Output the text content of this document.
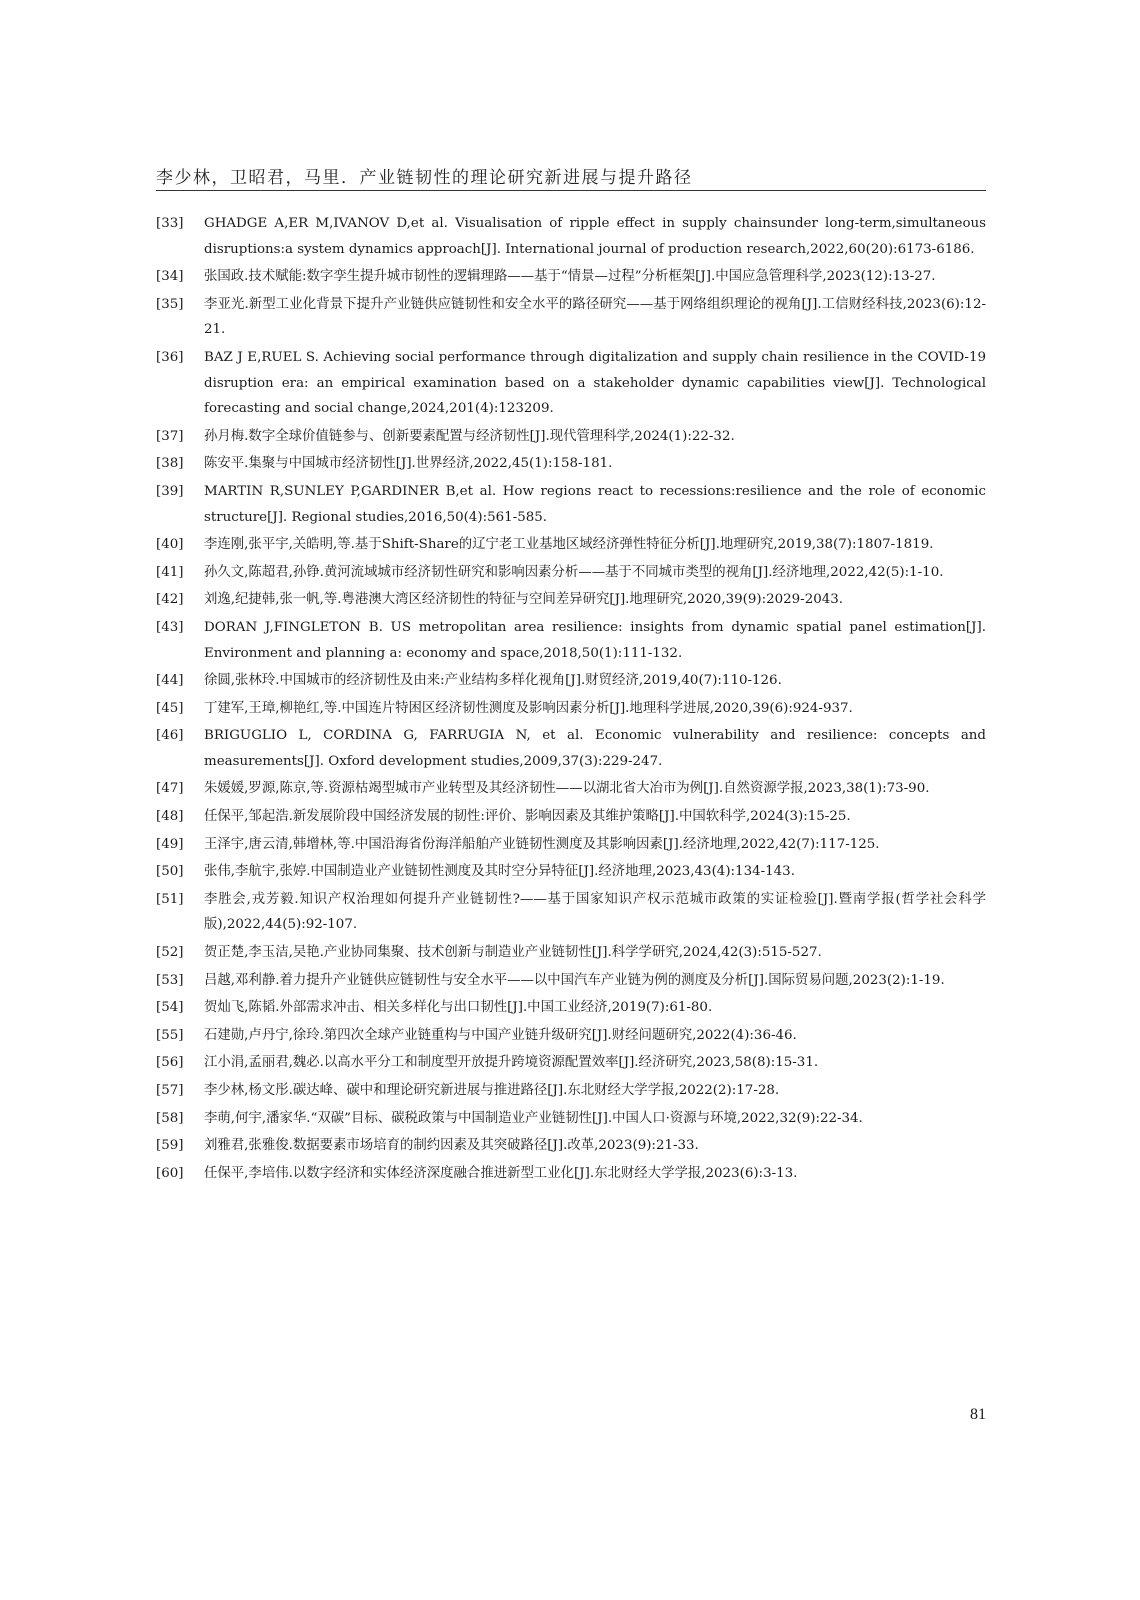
李少林，卫昭君，马里．产业链韧性的理论研究新进展与提升路径
[33] GHADGE A,ER M,IVANOV D,et al. Visualisation of ripple effect in supply chainsunder long-term,simultaneous disruptions:a system dynamics approach[J]. International journal of production research,2022,60(20):6173-6186.
[34] 张国政.技术赋能:数字孪生提升城市韧性的逻辑理路——基于“情景—过程”分析框架[J].中国应急管理科学,2023(12):13-27.
[35] 李亚光.新型工业化背景下提升产业链供应链韧性和安全水平的路径研究——基于网络组织理论的视角[J].工信财经科技,2023(6):12-21.
[36] BAZ J E,RUEL S. Achieving social performance through digitalization and supply chain resilience in the COVID-19 disruption era: an empirical examination based on a stakeholder dynamic capabilities view[J]. Technological forecasting and social change,2024,201(4):123209.
[37] 孙月梅.数字全球价值链参与、创新要素配置与经济韧性[J].现代管理科学,2024(1):22-32.
[38] 陈安平.集聚与中国城市经济韧性[J].世界经济,2022,45(1):158-181.
[39] MARTIN R,SUNLEY P,GARDINER B,et al. How regions react to recessions:resilience and the role of economic structure[J]. Regional studies,2016,50(4):561-585.
[40] 李连刚,张平宇,关皓明,等.基于Shift-Share的辽宁老工业基地区域经济弹性特征分析[J].地理研究,2019,38(7):1807-1819.
[41] 孙久文,陈超君,孙铮.黄河流域城市经济韧性研究和影响因素分析——基于不同城市类型的视角[J].经济地理,2022,42(5):1-10.
[42] 刘逸,纪捷韩,张一帆,等.粤港澳大湾区经济韧性的特征与空间差异研究[J].地理研究,2020,39(9):2029-2043.
[43] DORAN J,FINGLETON B. US metropolitan area resilience: insights from dynamic spatial panel estimation[J]. Environment and planning a: economy and space,2018,50(1):111-132.
[44] 徐圆,张林玲.中国城市的经济韧性及由来:产业结构多样化视角[J].财贸经济,2019,40(7):110-126.
[45] 丁建军,王璋,柳艳红,等.中国连片特困区经济韧性测度及影响因素分析[J].地理科学进展,2020,39(6):924-937.
[46] BRIGUGLIO L, CORDINA G, FARRUGIA N, et al. Economic vulnerability and resilience: concepts and measurements[J]. Oxford development studies,2009,37(3):229-247.
[47] 朱媛媛,罗源,陈京,等.资源枯竭型城市产业转型及其经济韧性——以湖北省大冶市为例[J].自然资源学报,2023,38(1):73-90.
[48] 任保平,邹起浩.新发展阶段中国经济发展的韧性:评价、影响因素及其维护策略[J].中国软科学,2024(3):15-25.
[49] 王泽宇,唐云清,韩增林,等.中国沿海省份海洋船舶产业链韧性测度及其影响因素[J].经济地理,2022,42(7):117-125.
[50] 张伟,李航宇,张婷.中国制造业产业链韧性测度及其时空分异特征[J].经济地理,2023,43(4):134-143.
[51] 李胜会,戎芳毅.知识产权治理如何提升产业链韧性?——基于国家知识产权示范城市政策的实证检验[J].暨南学报(哲学社会科学版),2022,44(5):92-107.
[52] 贺正楚,李玉洁,吴艳.产业协同集聚、技术创新与制造业产业链韧性[J].科学学研究,2024,42(3):515-527.
[53] 吕越,邓利静.着力提升产业链供应链韧性与安全水平——以中国汽车产业链为例的测度及分析[J].国际贸易问题,2023(2):1-19.
[54] 贺灿飞,陈韬.外部需求冲击、相关多样化与出口韧性[J].中国工业经济,2019(7):61-80.
[55] 石建勋,卢丹宁,徐玲.第四次全球产业链重构与中国产业链升级研究[J].财经问题研究,2022(4):36-46.
[56] 江小涓,孟丽君,魏必.以高水平分工和制度型开放提升跨境资源配置效率[J].经济研究,2023,58(8):15-31.
[57] 李少林,杨文彤.碳达峰、碳中和理论研究新进展与推进路径[J].东北财经大学学报,2022(2):17-28.
[58] 李萌,何宇,潘家华.“双碳”目标、碳税政策与中国制造业产业链韧性[J].中国人口·资源与环境,2022,32(9):22-34.
[59] 刘雅君,张雅俊.数据要素市场培育的制约因素及其突破路径[J].改革,2023(9):21-33.
[60] 任保平,李培伟.以数字经济和实体经济深度融合推进新型工业化[J].东北财经大学学报,2023(6):3-13.
81
